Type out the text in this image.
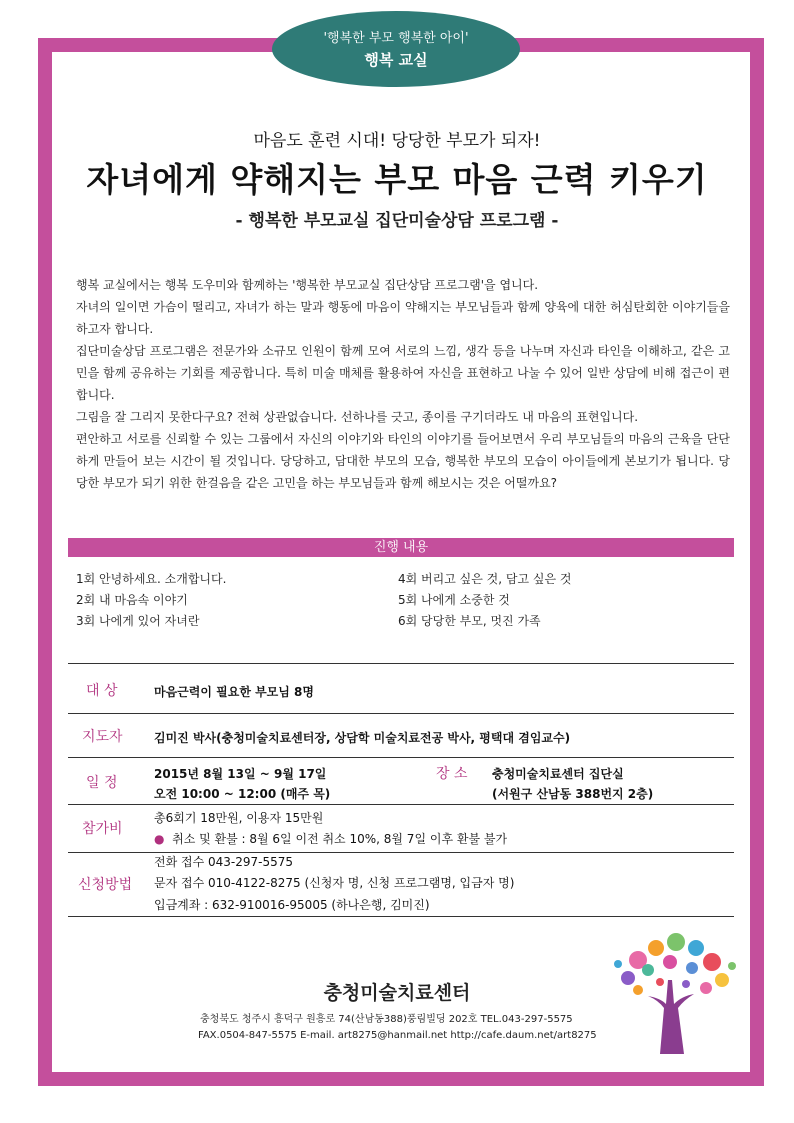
'행복한 부모 행복한 아이'
행복 교실
마음도 훈련 시대! 당당한 부모가 되자!
자녀에게 약해지는 부모 마음 근력 키우기
- 행복한 부모교실 집단미술상담 프로그램 -

행복 교실에서는 행복 도우미와 함께하는 '행복한 부모교실 집단상담 프로그램'을 엽니다.

자녀의 일이면 가슴이 떨리고, 자녀가 하는 말과 행동에 마음이 약해지는 부모님들과 함께 양육에 대한 허심탄회한 이야기들을 하고자 합니다.

집단미술상담 프로그램은 전문가와 소규모 인원이 함께 모여 서로의 느낌, 생각 등을 나누며 자신과 타인을 이해하고, 같은 고민을 함께 공유하는 기회를 제공합니다. 특히 미술 매체를 활용하여 자신을 표현하고 나눌 수 있어 일반 상담에 비해 접근이 편합니다.

그림을 잘 그리지 못한다구요? 전혀 상관없습니다. 선하나를 긋고, 종이를 구기더라도 내 마음의 표현입니다.

편안하고 서로를 신뢰할 수 있는 그룹에서 자신의 이야기와 타인의 이야기를 들어보면서 우리 부모님들의 마음의 근육을 단단하게 만들어 보는 시간이 될 것입니다. 당당하고, 담대한 부모의 모습, 행복한 부모의 모습이 아이들에게 본보기가 됩니다. 당당한 부모가 되기 위한 한걸음을 같은 고민을 하는 부모님들과 함께 해보시는 것은 어떨까요?

진행 내용
1회 안녕하세요. 소개합니다.
2회 내 마음속 이야기
3회 나에게 있어 자녀란
4회 버리고 싶은 것, 담고 싶은 것
5회 나에게 소중한 것
6회 당당한 부모, 멋진 가족
대 상	마음근력이 필요한 부모님 8명
지도자	김미진 박사(충청미술치료센터장, 상담학 미술치료전공 박사, 평택대 겸임교수)
일 정
2015년 8월 13일 ~ 9월 17일
오전 10:00 ~ 12:00 (매주 목)
장 소 충청미술치료센터 집단실
(서원구 산남동 388번지 2층)
참가비
총6회기 18만원, 이용자 15만원
● 취소 및 환불 : 8월 6일 이전 취소 10%, 8월 7일 이후 환불 불가
신청방법
전화 접수 043-297-5575
문자 접수 010-4122-8275 (신청자 명, 신청 프로그램명, 입금자 명)
입금계좌 : 632-910016-95005 (하나은행, 김미진)
충청미술치료센터
충청북도 청주시 흥덕구 원흥로 74(산남동388)풍림빌딩 202호 TEL.043-297-5575
FAX.0504-847-5575 E-mail. art8275@hanmail.net http://cafe.daum.net/art8275
